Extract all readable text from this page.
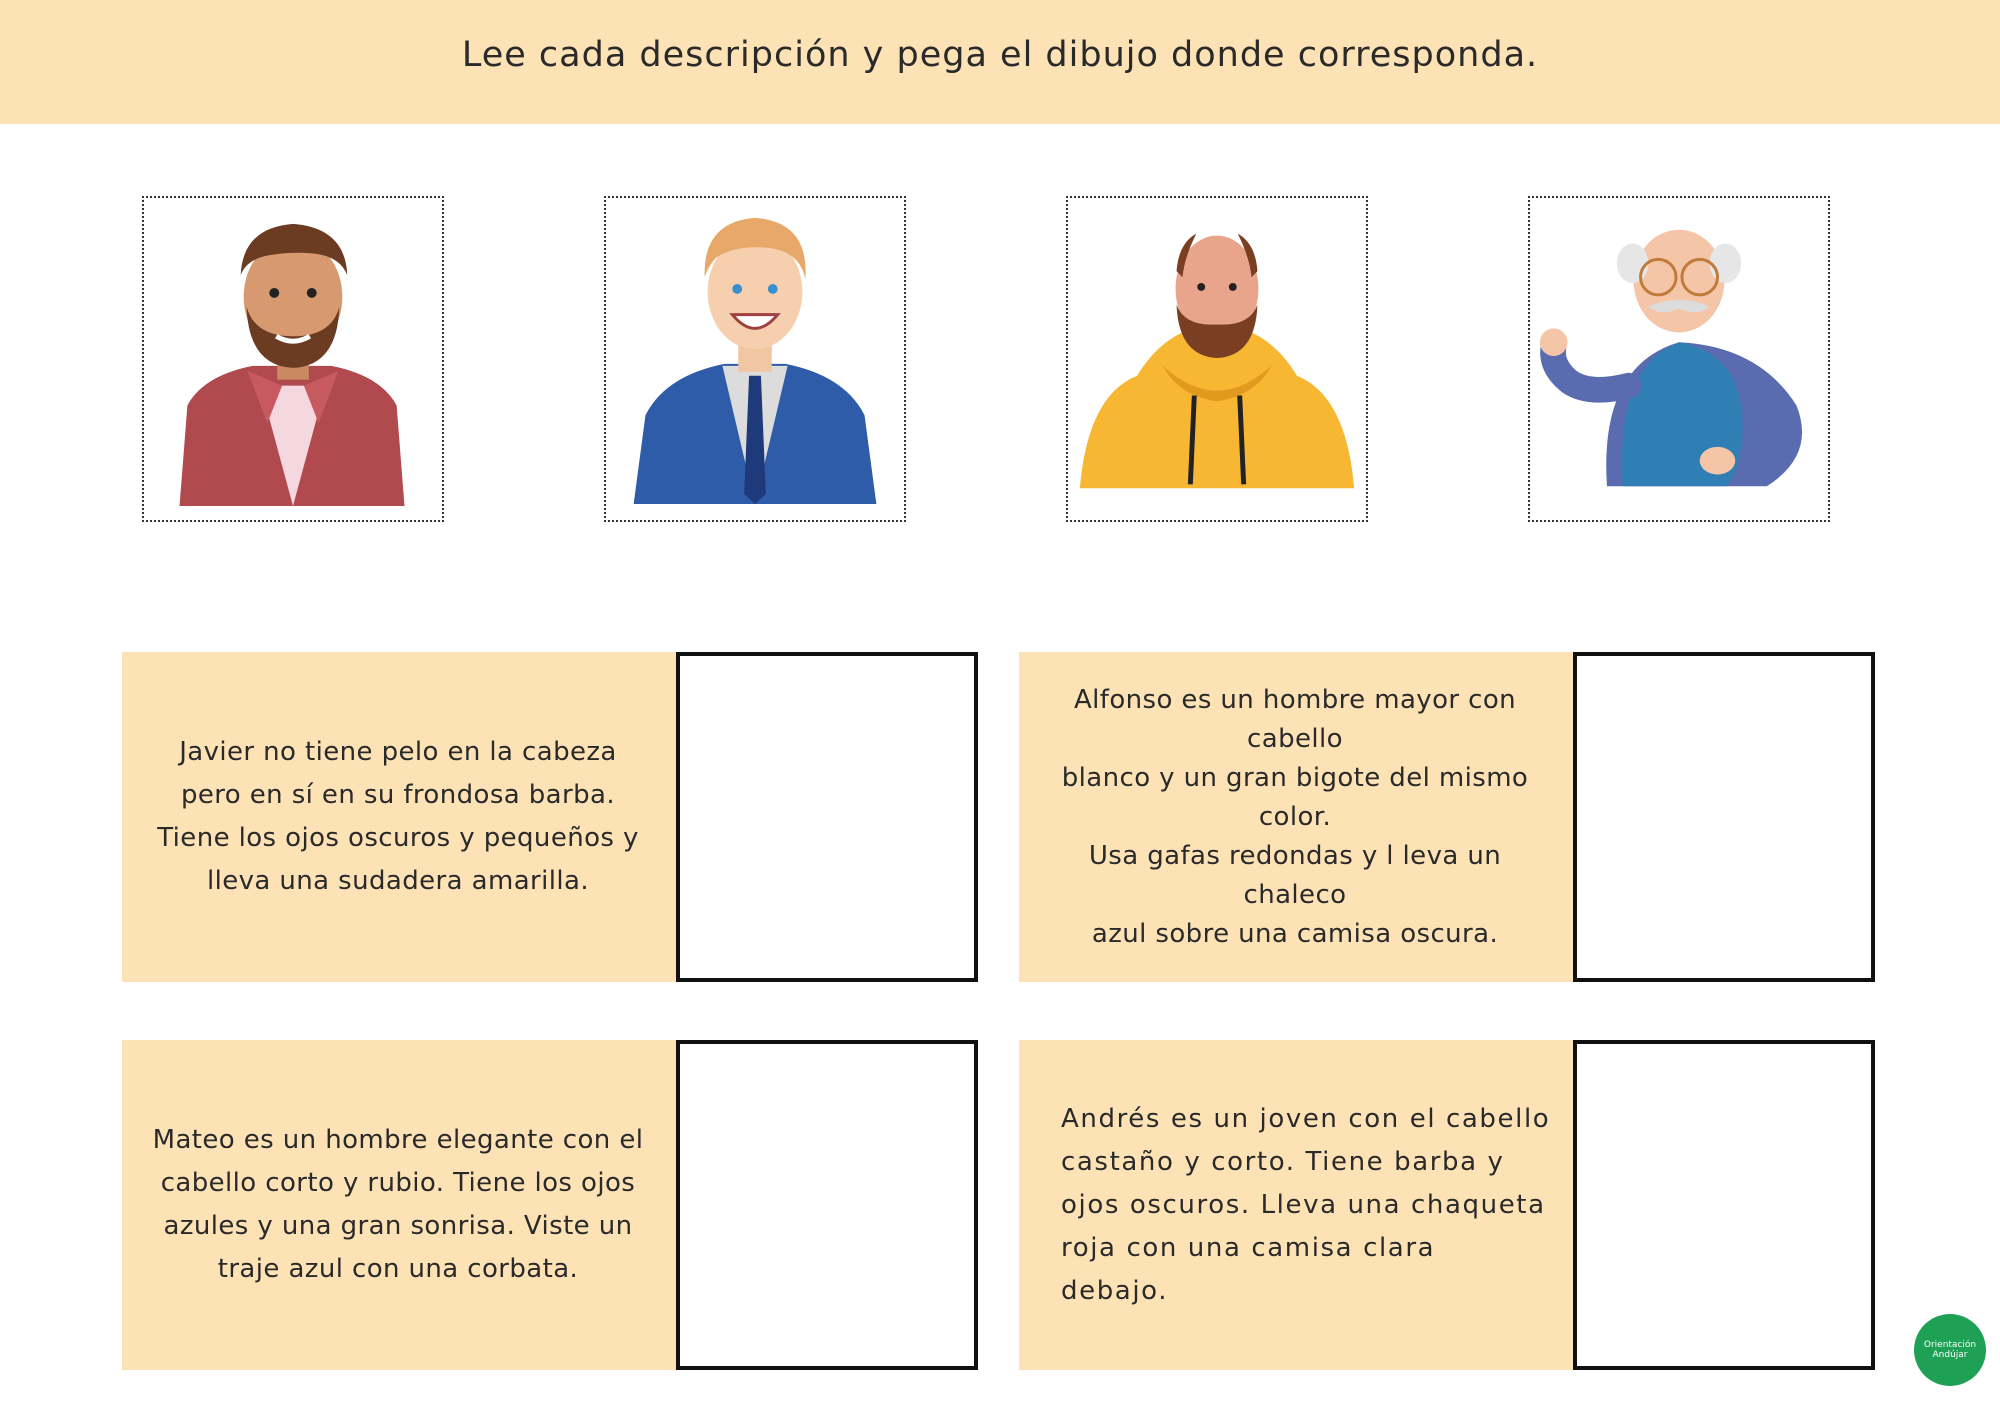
Lee cada descripción y pega el dibujo donde corresponda.
Javier no tiene pelo en la cabeza
pero en sí en su frondosa barba.
Tiene los ojos oscuros y pequeños y
lleva una sudadera amarilla.
Alfonso es un hombre mayor con cabello
blanco y un gran bigote del mismo color.
Usa gafas redondas y l leva un chaleco
azul sobre una camisa oscura.
Mateo es un hombre elegante con el
cabello corto y rubio. Tiene los ojos
azules y una gran sonrisa. Viste un
traje azul con una corbata.
Andrés es un joven con el cabello
castaño y corto. Tiene barba y
ojos oscuros. Lleva una chaqueta
roja con una camisa clara
debajo.
Orientación
Andújar
